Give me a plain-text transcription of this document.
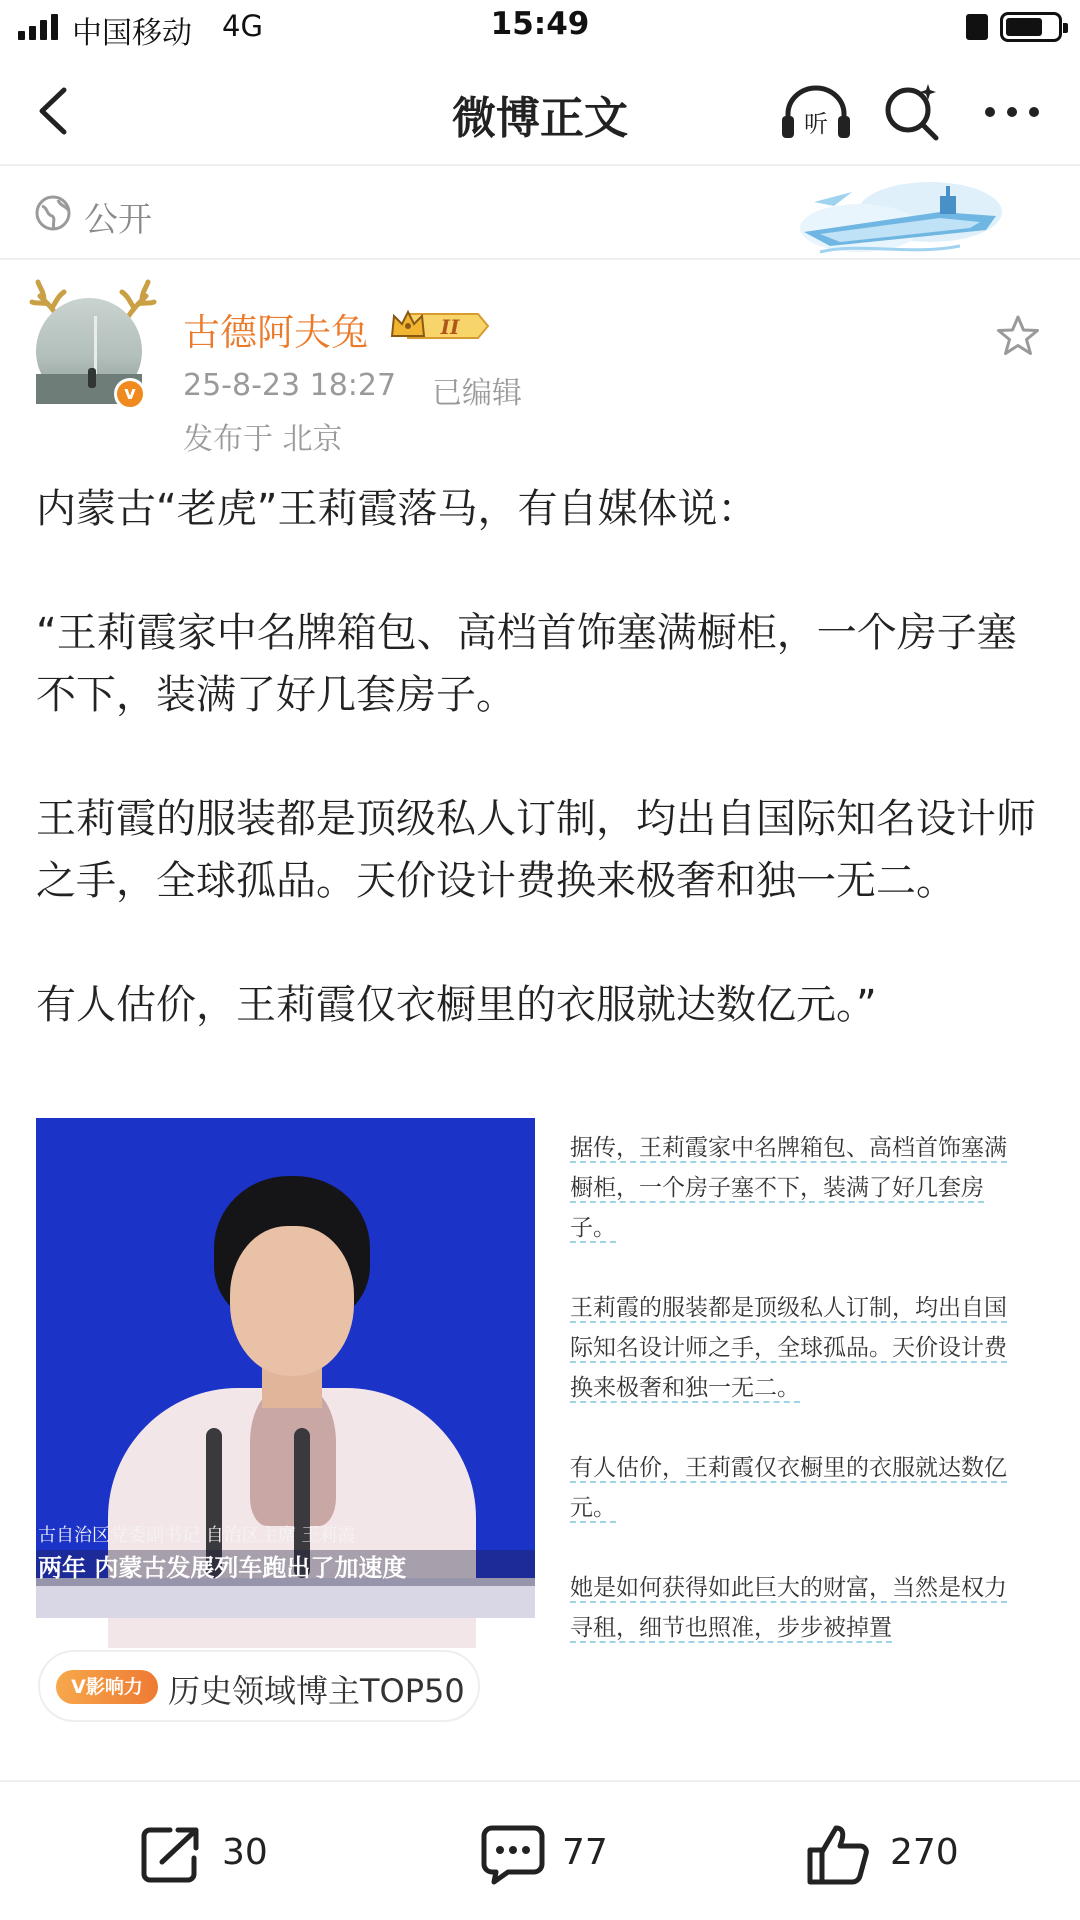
中国移动 4G	15:49
微博正文	听
公开
v
古德阿夫兔	II
25-8-23 18:27 已编辑
发布于 北京

内蒙古“老虎”王莉霞落马，有自媒体说：

“王莉霞家中名牌箱包、高档首饰塞满橱柜，一个房子塞不下，装满了好几套房子。

王莉霞的服装都是顶级私人订制，均出自国际知名设计师之手，全球孤品。天价设计费换来极奢和独一无二。

有人估价，王莉霞仅衣橱里的衣服就达数亿元。”

古自治区党委副书记 自治区主席 王莉霞
两年 内蒙古发展列车跑出了加速度

据传，王莉霞家中名牌箱包、高档首饰塞满橱柜，一个房子塞不下，装满了好几套房子。

王莉霞的服装都是顶级私人订制，均出自国际知名设计师之手，全球孤品。天价设计费换来极奢和独一无二。

有人估价，王莉霞仅衣橱里的衣服就达数亿元。

她是如何获得如此巨大的财富，当然是权力寻租，细节也照准，步步被掉置

V影响力 历史领域博主TOP50
30	77	270
